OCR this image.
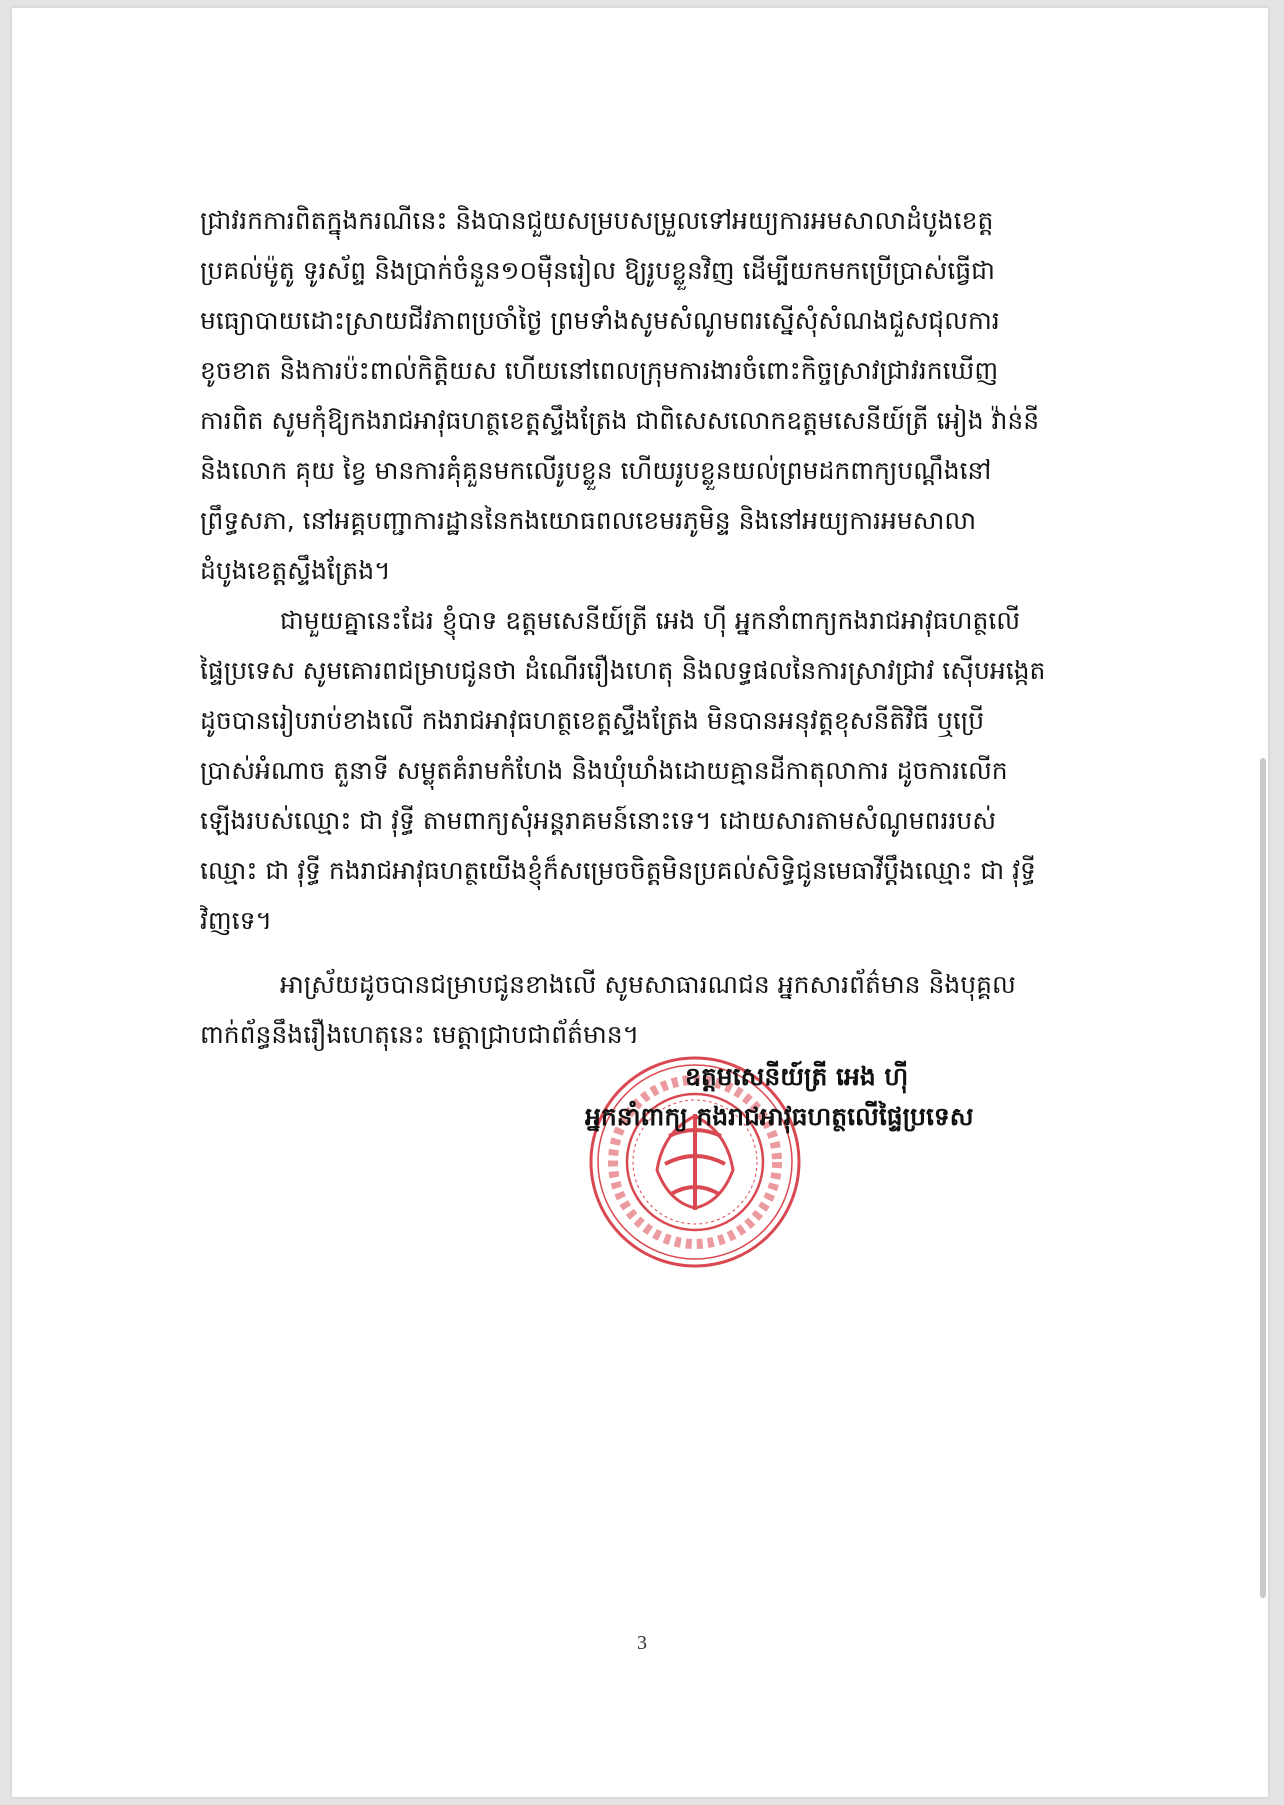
ជ្រាវរកការពិតក្នុងករណីនេះ និងបានជួយសម្របសម្រួលទៅអយ្យការអមសាលាដំបូងខេត្ត
ប្រគល់ម៉ូតូ ទូរស័ព្ទ និងប្រាក់ចំនួន១០ម៉ឺនរៀល ឱ្យរូបខ្លួនវិញ ដើម្បីយកមកប្រើប្រាស់ធ្វើជា
មធ្យោបាយដោះស្រាយជីវភាពប្រចាំថ្ងៃ ព្រមទាំងសូមសំណូមពរស្នើសុំសំណងជួសជុលការ
ខូចខាត និងការប៉ះពាល់កិត្តិយស ហើយនៅពេលក្រុមការងារចំពោះកិច្ចស្រាវជ្រាវរកឃើញ
ការពិត សូមកុំឱ្យកងរាជអាវុធហត្ថខេត្តស្ទឹងត្រែង ជាពិសេសលោកឧត្តមសេនីយ៍ត្រី អៀង វ៉ាន់នី
និងលោក គុយ ខ្វៃ មានការគុំគួនមកលើរូបខ្លួន ហើយរូបខ្លួនយល់ព្រមដកពាក្យបណ្តឹងនៅ
ព្រឹទ្ធសភា, នៅអគ្គបញ្ជាការដ្ឋាននៃកងយោធពលខេមរភូមិន្ទ និងនៅអយ្យការអមសាលា
ដំបូងខេត្តស្ទឹងត្រែង។
ជាមួយគ្នានេះដែរ ខ្ញុំបាទ ឧត្តមសេនីយ៍ត្រី អេង ហ៊ី អ្នកនាំពាក្យកងរាជអាវុធហត្ថលើ
ផ្ទៃប្រទេស សូមគោរពជម្រាបជូនថា ដំណើររឿងហេតុ និងលទ្ធផលនៃការស្រាវជ្រាវ ស៊ើបអង្កេត
ដូចបានរៀបរាប់ខាងលើ កងរាជអាវុធហត្ថខេត្តស្ទឹងត្រែង មិនបានអនុវត្តខុសនីតិវិធី ឬប្រើ
ប្រាស់អំណាច តួនាទី សម្លុតគំរាមកំហែង និងឃុំឃាំងដោយគ្មានដីកាតុលាការ ដូចការលើក
ឡើងរបស់ឈ្មោះ ជា វុទ្ធី តាមពាក្យសុំអន្តរាគមន៍នោះទេ។ ដោយសារតាមសំណូមពររបស់
ឈ្មោះ ជា វុទ្ធី កងរាជអាវុធហត្ថយើងខ្ញុំក៏សម្រេចចិត្តមិនប្រគល់សិទ្ធិជូនមេធាវីប្តឹងឈ្មោះ ជា វុទ្ធី
វិញទេ។
អាស្រ័យដូចបានជម្រាបជូនខាងលើ សូមសាធារណជន អ្នកសារព័ត៌មាន និងបុគ្គល
ពាក់ព័ន្ធនឹងរឿងហេតុនេះ មេត្តាជ្រាបជាព័ត៌មាន។
ឧត្តមសេនីយ៍ត្រី អេង ហ៊ី
អ្នកនាំពាក្យ កងរាជអាវុធហត្ថលើផ្ទៃប្រទេស
3
